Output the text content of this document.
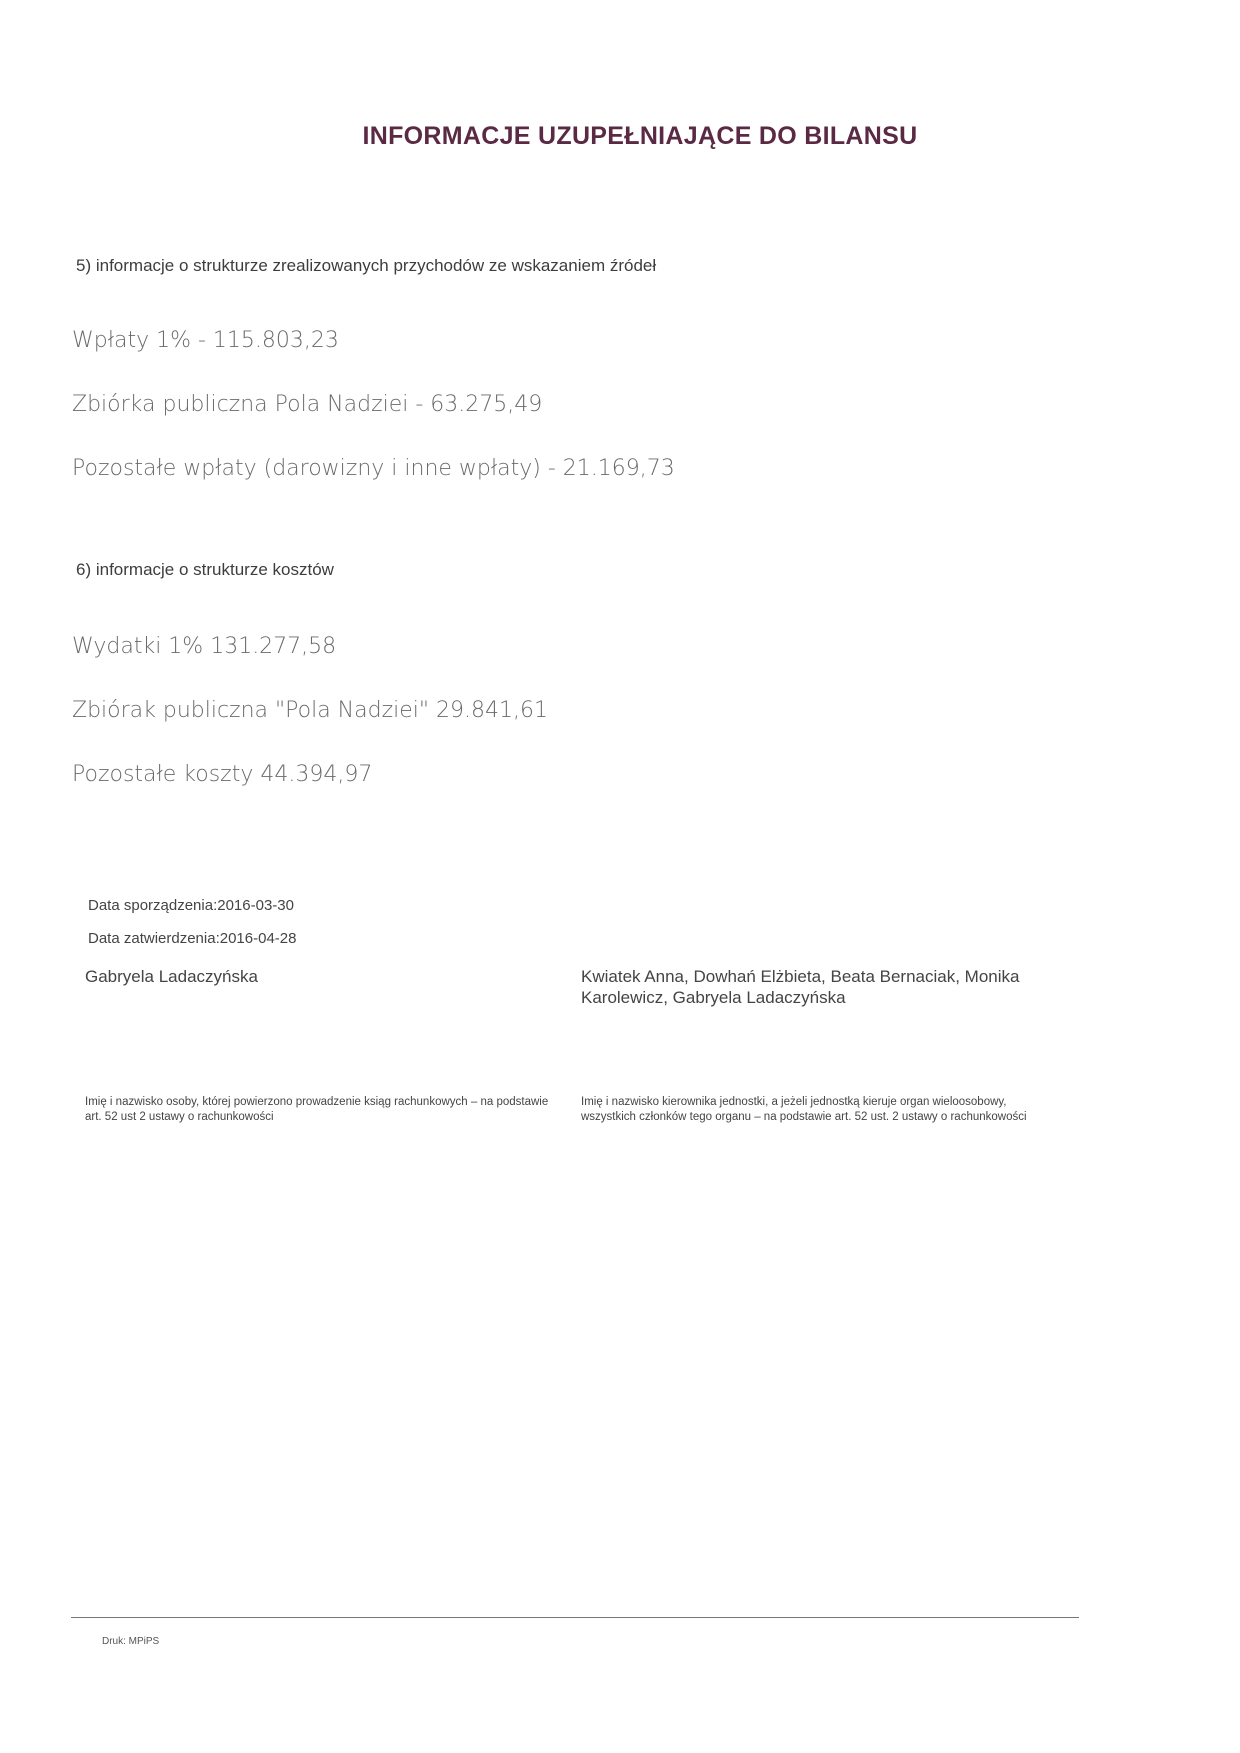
INFORMACJE UZUPEŁNIAJĄCE DO BILANSU
5) informacje o strukturze zrealizowanych przychodów ze wskazaniem źródeł
Wpłaty 1% - 115.803,23
Zbiórka publiczna Pola Nadziei - 63.275,49
Pozostałe wpłaty (darowizny i inne wpłaty) - 21.169,73
6) informacje o strukturze kosztów
Wydatki 1% 131.277,58
Zbiórak publiczna "Pola Nadziei" 29.841,61
Pozostałe koszty 44.394,97
Data sporządzenia:2016-03-30
Data zatwierdzenia:2016-04-28
Gabryela Ladaczyńska	Kwiatek Anna, Dowhań Elżbieta, Beata Bernaciak, Monika
Karolewicz, Gabryela Ladaczyńska
Imię i nazwisko osoby, której powierzono prowadzenie ksiąg rachunkowych – na podstawie art. 52 ust 2 ustawy o rachunkowości
Imię i nazwisko kierownika jednostki, a jeżeli jednostką kieruje organ wieloosobowy, wszystkich członków tego organu – na podstawie art. 52 ust. 2 ustawy o rachunkowości
Druk: MPiPS
